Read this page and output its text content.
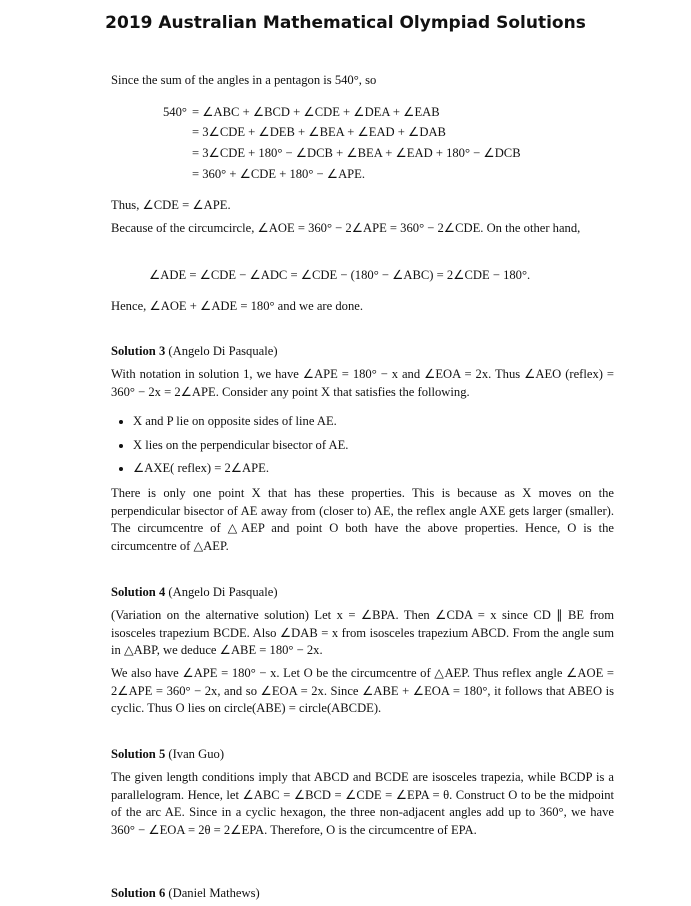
2019 Australian Mathematical Olympiad Solutions
Since the sum of the angles in a pentagon is 540°, so
540° = ∠ABC + ∠BCD + ∠CDE + ∠DEA + ∠EAB
= 3∠CDE + ∠DEB + ∠BEA + ∠EAD + ∠DAB
= 3∠CDE + 180° − ∠DCB + ∠BEA + ∠EAD + 180° − ∠DCB
= 360° + ∠CDE + 180° − ∠APE.
Thus, ∠CDE = ∠APE.
Because of the circumcircle, ∠AOE = 360° − 2∠APE = 360° − 2∠CDE. On the other hand,
∠ADE = ∠CDE − ∠ADC = ∠CDE − (180° − ∠ABC) = 2∠CDE − 180°.
Hence, ∠AOE + ∠ADE = 180° and we are done.
Solution 3 (Angelo Di Pasquale)
With notation in solution 1, we have ∠APE = 180° − x and ∠EOA = 2x. Thus ∠AEO (reflex) = 360° − 2x = 2∠APE. Consider any point X that satisfies the following.
• X and P lie on opposite sides of line AE.
• X lies on the perpendicular bisector of AE.
• ∠AXE( reflex) = 2∠APE.
There is only one point X that has these properties. This is because as X moves on the perpendicular bisector of AE away from (closer to) AE, the reflex angle AXE gets larger (smaller). The circumcentre of △AEP and point O both have the above properties. Hence, O is the circumcentre of △AEP.
Solution 4 (Angelo Di Pasquale)
(Variation on the alternative solution) Let x = ∠BPA. Then ∠CDA = x since CD ∥ BE from isosceles trapezium BCDE. Also ∠DAB = x from isosceles trapezium ABCD. From the angle sum in △ABP, we deduce ∠ABE = 180° − 2x.
We also have ∠APE = 180° − x. Let O be the circumcentre of △AEP. Thus reflex angle ∠AOE = 2∠APE = 360° − 2x, and so ∠EOA = 2x. Since ∠ABE + ∠EOA = 180°, it follows that ABEO is cyclic. Thus O lies on circle(ABE) = circle(ABCDE).
Solution 5 (Ivan Guo)
The given length conditions imply that ABCD and BCDE are isosceles trapezia, while BCDP is a parallelogram. Hence, let ∠ABC = ∠BCD = ∠CDE = ∠EPA = θ. Construct O to be the midpoint of the arc AE. Since in a cyclic hexagon, the three non-adjacent angles add up to 360°, we have 360° − ∠EOA = 2θ = 2∠EPA. Therefore, O is the circumcentre of EPA.
Solution 6 (Daniel Mathews)
